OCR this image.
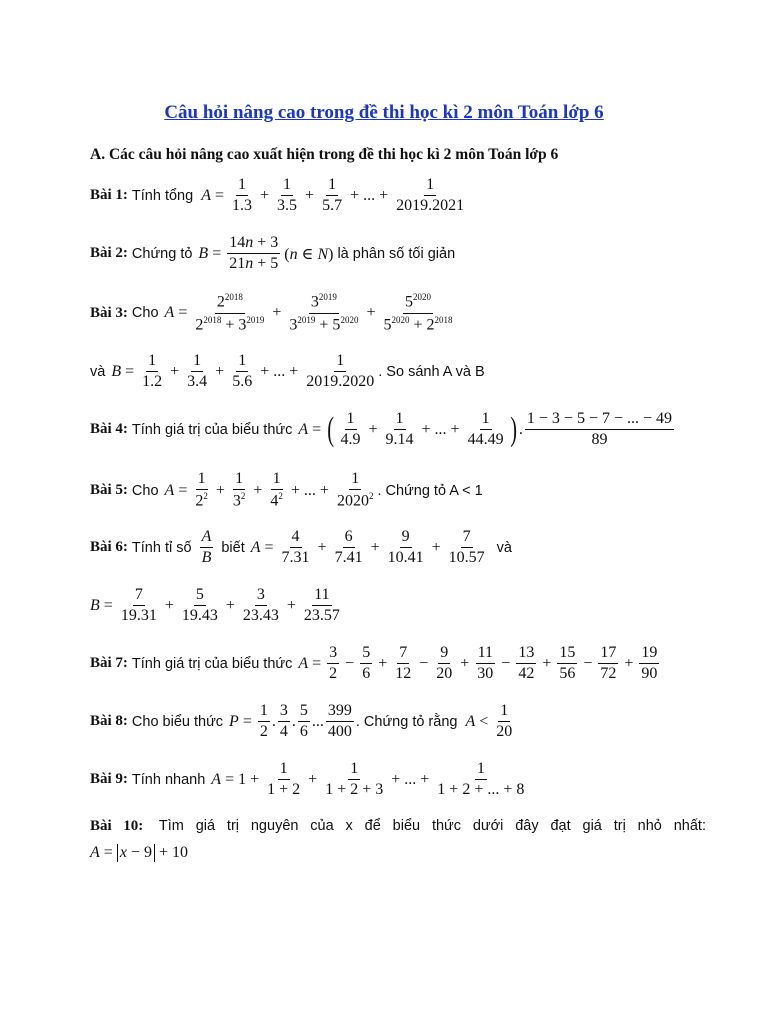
Câu hỏi nâng cao trong đề thi học kì 2 môn Toán lớp 6
A. Các câu hỏi nâng cao xuất hiện trong đề thi học kì 2 môn Toán lớp 6
Bài 1: Tính tổng $A = \frac{1}{1.3} + \frac{1}{3.5} + \frac{1}{5.7}$ + ... + $\frac{1}{2019.2021}$
Bài 2: Chứng tỏ $B = \frac{14n + 3}{21n + 5} (n$ ∈ N) là phân số tối giản
Bài 3: Cho $A = \frac{2^{2018}}{2^{2018} + 3^{2019}} + \frac{3^{2019}}{3^{2019} + 5^{2020}} + \frac{5^{2020}}{5^{2020} + 2^{2018}}$
và $B = \frac{1}{1.2} + \frac{1}{3.4} + \frac{1}{5.6}$ + ... + $\frac{1}{2019.2020}$ . So sánh A và B
Bài 4: Tính giá trị của biểu thức A = ( $\frac{1}{4.9} + \frac{1}{9.14}$ + ... + $\frac{1}{44.49}$ ) . $\frac{1 - 3 - 5 - 7 - ... - 49}{89}$
Bài 5: Cho $A = \frac{1}{2^2} + \frac{1}{3^2} + \frac{1}{4^2}$ + ... + $\frac{1}{2020^2}$ . Chứng tỏ A < 1
Bài 6: Tính tỉ số $\frac{A}{B}$ biết $A = \frac{4}{7.31} + \frac{6}{7.41} + \frac{9}{10.41} + \frac{7}{10.57}$ và
$B = \frac{7}{19.31} + \frac{5}{19.43} + \frac{3}{23.43} + \frac{11}{23.57}$
Bài 7: Tính giá trị của biểu thức $A = \frac{3}{2} - \frac{5}{6} + \frac{7}{12} - \frac{9}{20} + \frac{11}{30} - \frac{13}{42} + \frac{15}{56} - \frac{17}{72} + \frac{19}{90}$
Bài 8: Cho biểu thức $P = \frac{1}{2}$ . $\frac{3}{4}$ . $\frac{5}{6}$ ... $\frac{399}{400}$ . Chứng tỏ rằng $A < \frac{1}{20}$
Bài 9: Tính nhanh $A = 1 + \frac{1}{1 + 2} + \frac{1}{1 + 2 + 3}$ + ... + $\frac{1}{1 + 2 + ... + 8}$
Bài 10: Tìm giá trị nguyên của x để biểu thức dưới đây đạt giá trị nhỏ nhất:
A = x − 9 + 10
